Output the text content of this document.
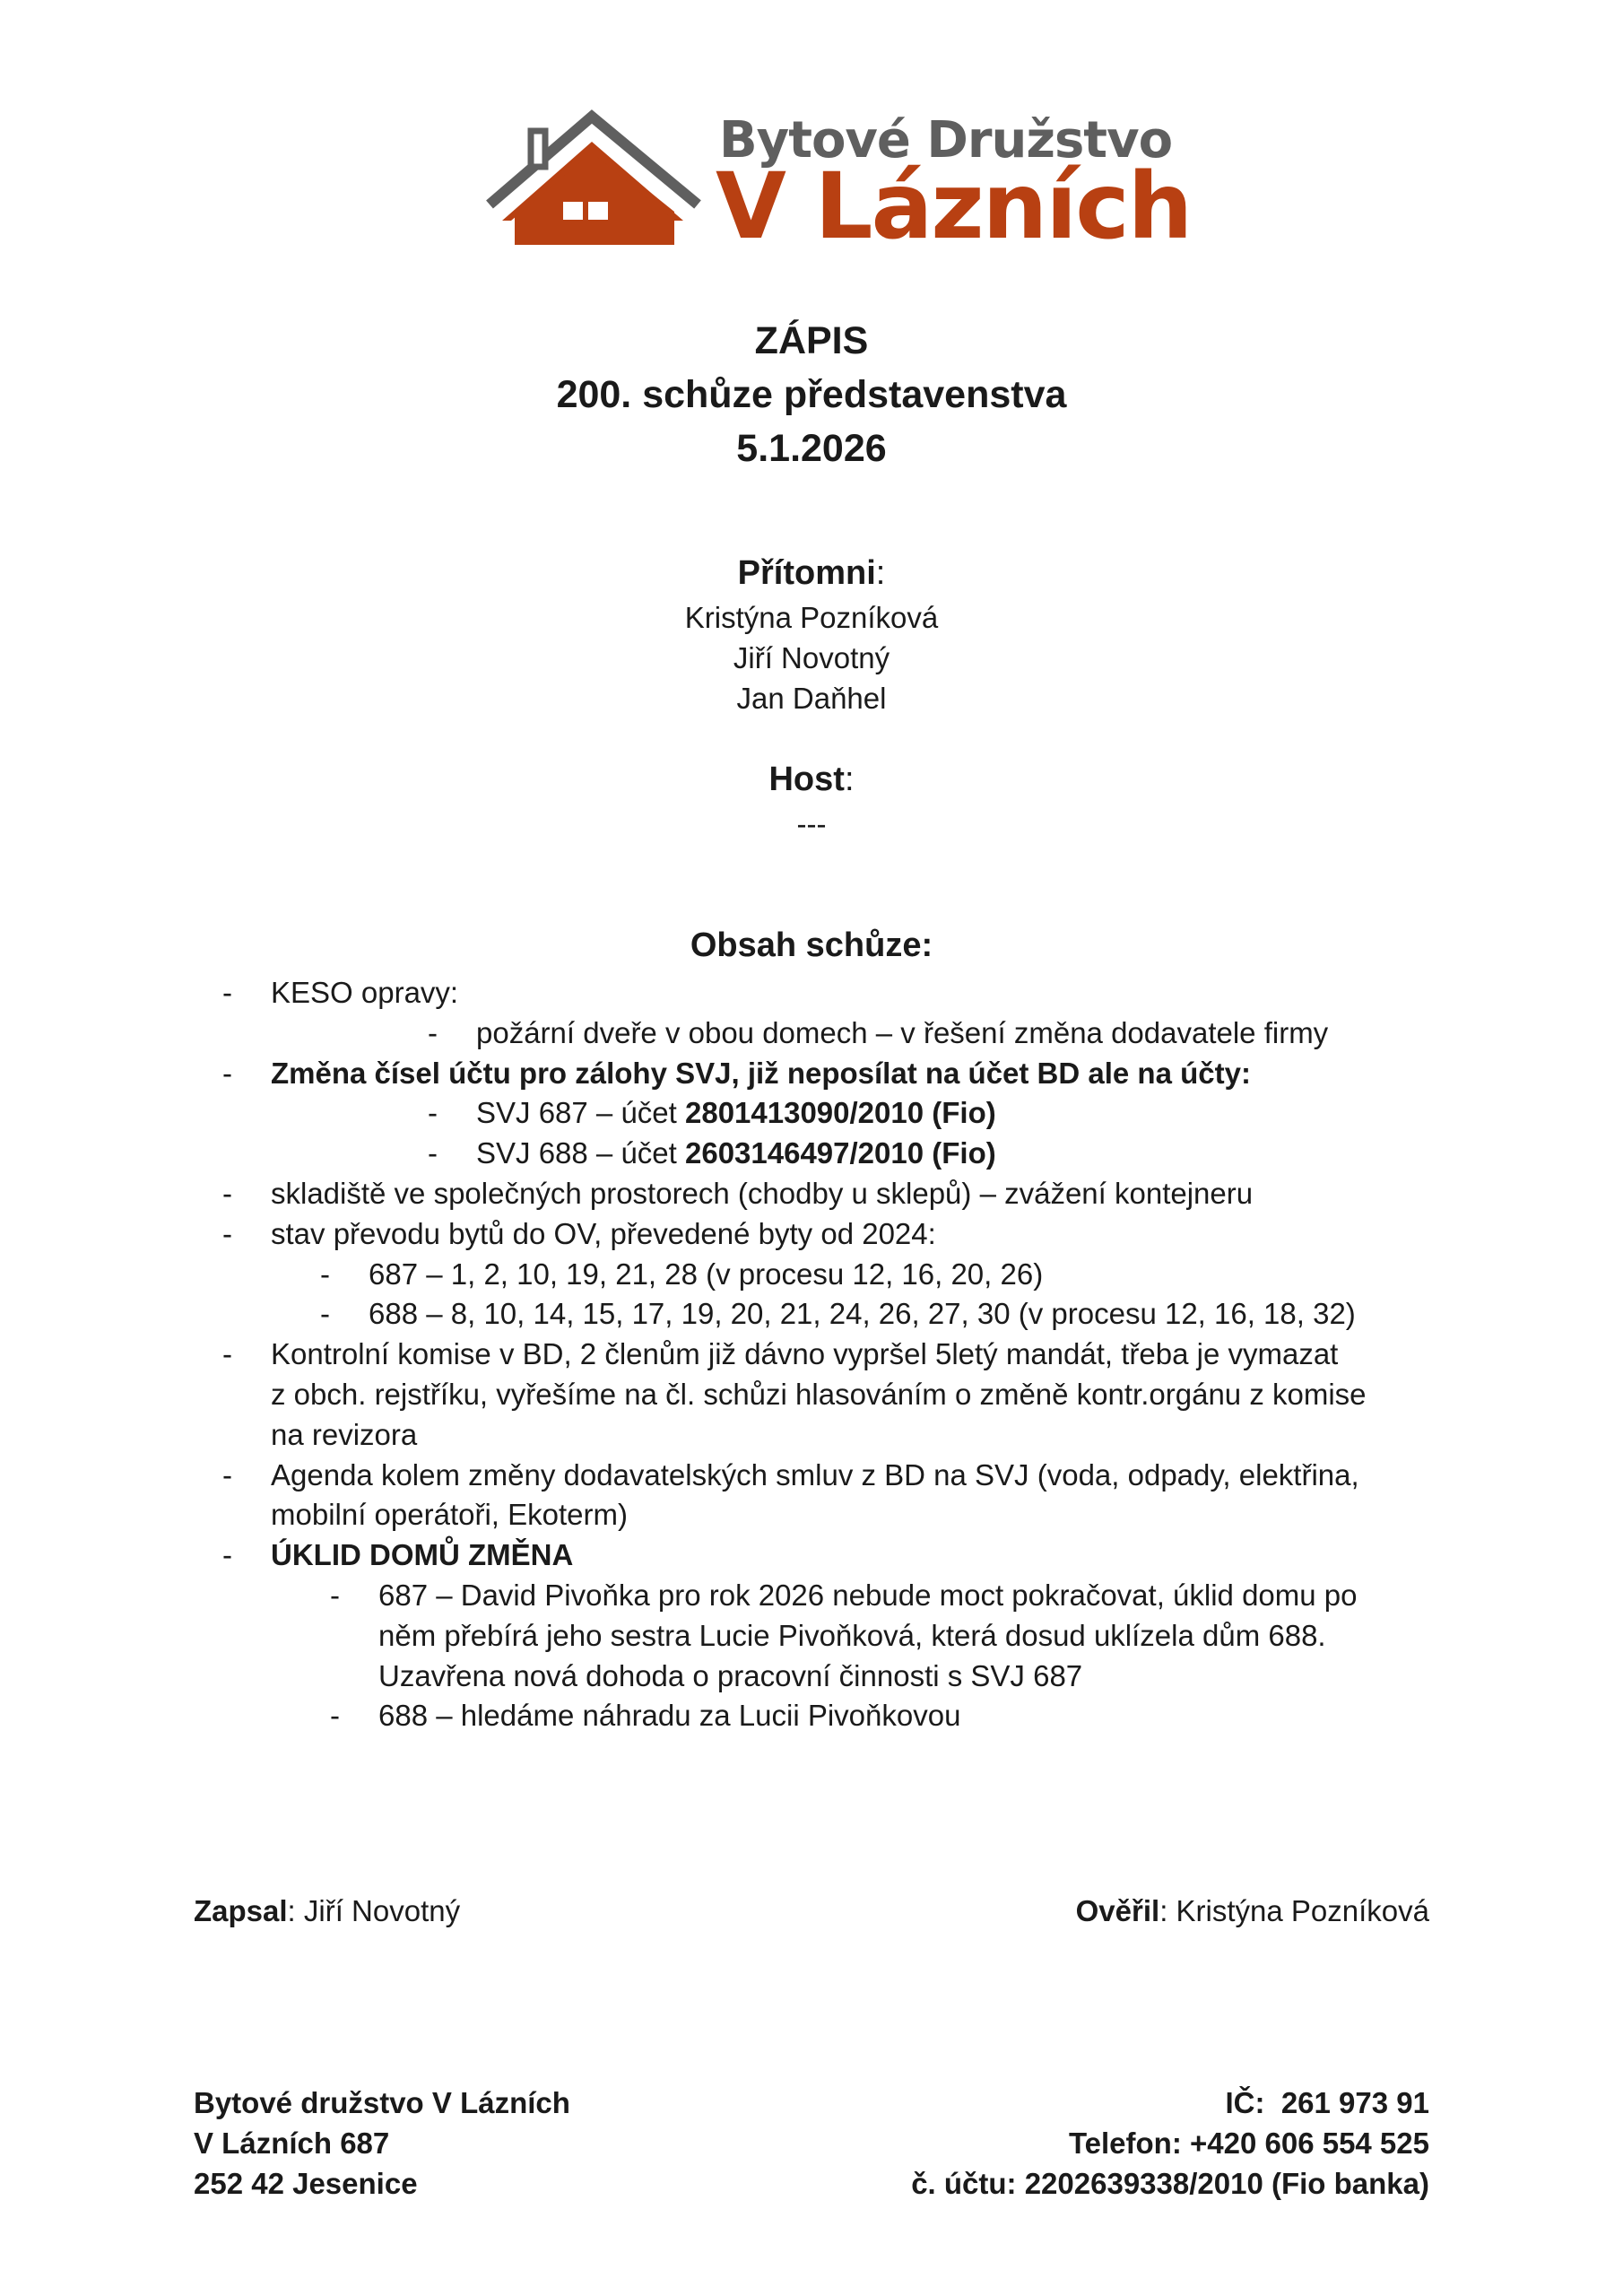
Bytové Družstvo
V Lázních
ZÁPIS
200. schůze představenstva
5.1.2026
Přítomni:
Kristýna Pozníková
Jiří Novotný
Jan Daňhel
Host:
---
Obsah schůze:
- KESO opravy:
- požární dveře v obou domech – v řešení změna dodavatele firmy
- Změna čísel účtu pro zálohy SVJ, již neposílat na účet BD ale na účty:
- SVJ 687 – účet 2801413090/2010 (Fio)
- SVJ 688 – účet 2603146497/2010 (Fio)
- skladiště ve společných prostorech (chodby u sklepů) – zvážení kontejneru
- stav převodu bytů do OV, převedené byty od 2024:
- 687 – 1, 2, 10, 19, 21, 28 (v procesu 12, 16, 20, 26)
- 688 – 8, 10, 14, 15, 17, 19, 20, 21, 24, 26, 27, 30 (v procesu 12, 16, 18, 32)
- Kontrolní komise v BD, 2 členům již dávno vypršel 5letý mandát, třeba je vymazat
z obch. rejstříku, vyřešíme na čl. schůzi hlasováním o změně kontr.orgánu z komise
na revizora
- Agenda kolem změny dodavatelských smluv z BD na SVJ (voda, odpady, elektřina,
mobilní operátoři, Ekoterm)
- ÚKLID DOMŮ ZMĚNA
- 687 – David Pivoňka pro rok 2026 nebude moct pokračovat, úklid domu po
něm přebírá jeho sestra Lucie Pivoňková, která dosud uklízela dům 688.
Uzavřena nová dohoda o pracovní činnosti s SVJ 687
- 688 – hledáme náhradu za Lucii Pivoňkovou
Zapsal: Jiří Novotný	Ověřil: Kristýna Pozníková
Bytové družstvo V Lázních
V Lázních 687
252 42 Jesenice
IČ:  261 973 91
Telefon: +420 606 554 525
č. účtu: 2202639338/2010 (Fio banka)
